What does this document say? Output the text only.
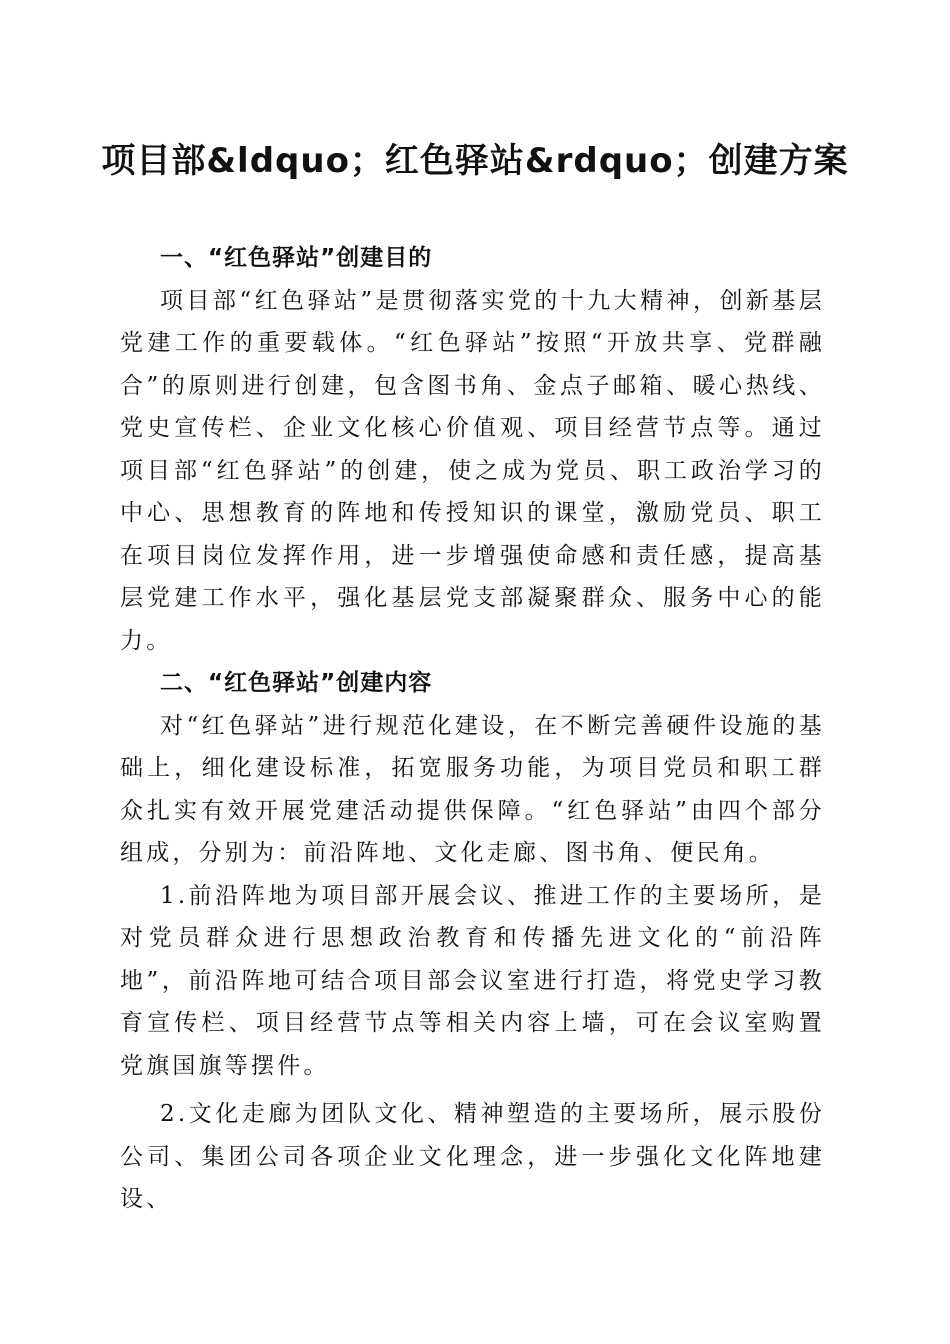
项目部&ldquo；红色驿站&rdquo；创建方案

一、“红色驿站”创建目的

项目部“红色驿站”是贯彻落实党的十九大精神，创新基层党建工作的重要载体。“红色驿站”按照“开放共享、党群融合”的原则进行创建，包含图书角、金点子邮箱、暖心热线、党史宣传栏、企业文化核心价值观、项目经营节点等。通过项目部“红色驿站”的创建，使之成为党员、职工政治学习的中心、思想教育的阵地和传授知识的课堂，激励党员、职工在项目岗位发挥作用，进一步增强使命感和责任感，提高基层党建工作水平，强化基层党支部凝聚群众、服务中心的能力。

二、“红色驿站”创建内容

对“红色驿站”进行规范化建设，在不断完善硬件设施的基础上，细化建设标准，拓宽服务功能，为项目党员和职工群众扎实有效开展党建活动提供保障。“红色驿站”由四个部分组成，分别为：前沿阵地、文化走廊、图书角、便民角。

1.前沿阵地为项目部开展会议、推进工作的主要场所，是对党员群众进行思想政治教育和传播先进文化的“前沿阵地”，前沿阵地可结合项目部会议室进行打造，将党史学习教育宣传栏、项目经营节点等相关内容上墙，可在会议室购置党旗国旗等摆件。

2.文化走廊为团队文化、精神塑造的主要场所，展示股份公司、集团公司各项企业文化理念，进一步强化文化阵地建设、
